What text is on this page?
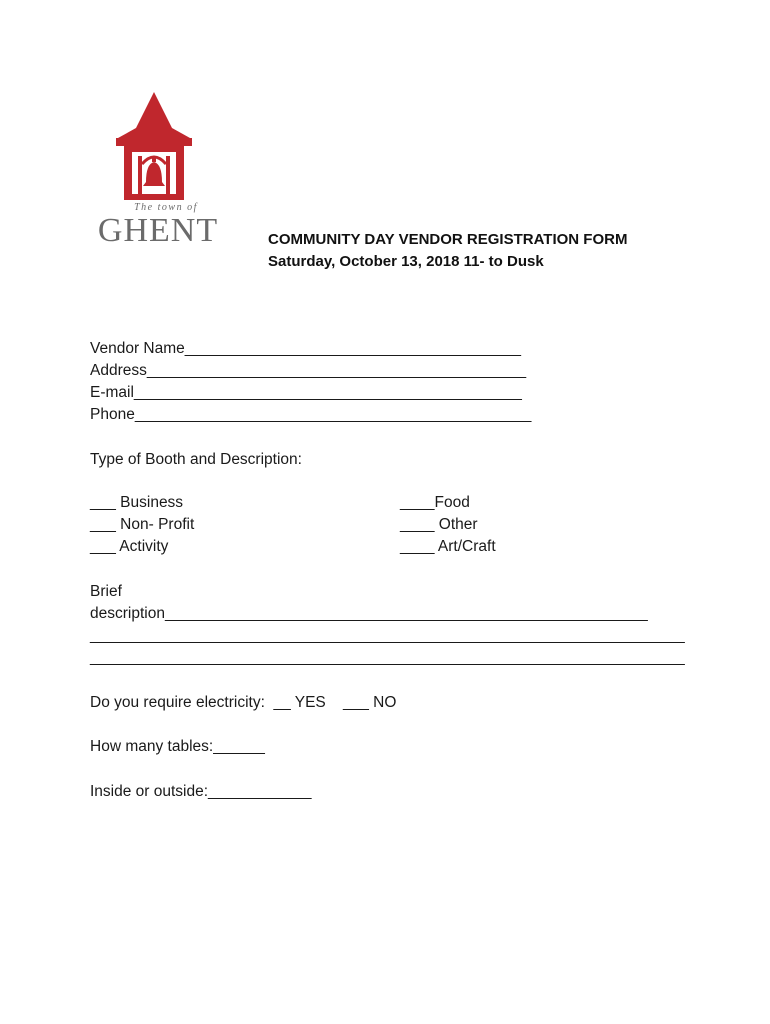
The town of
GHENT	COMMUNITY DAY VENDOR REGISTRATION FORM
Saturday, October 13, 2018 11- to Dusk
Vendor Name_______________________________________
Address____________________________________________
E-mail_____________________________________________
Phone______________________________________________
Type of Booth and Description:
___ Business
___ Non- Profit
___ Activity
____Food
____ Other
____ Art/Craft
Brief
description________________________________________________________
_____________________________________________________________________
_____________________________________________________________________
Do you require electricity:  __ YES    ___ NO
How many tables:______
Inside or outside:____________
